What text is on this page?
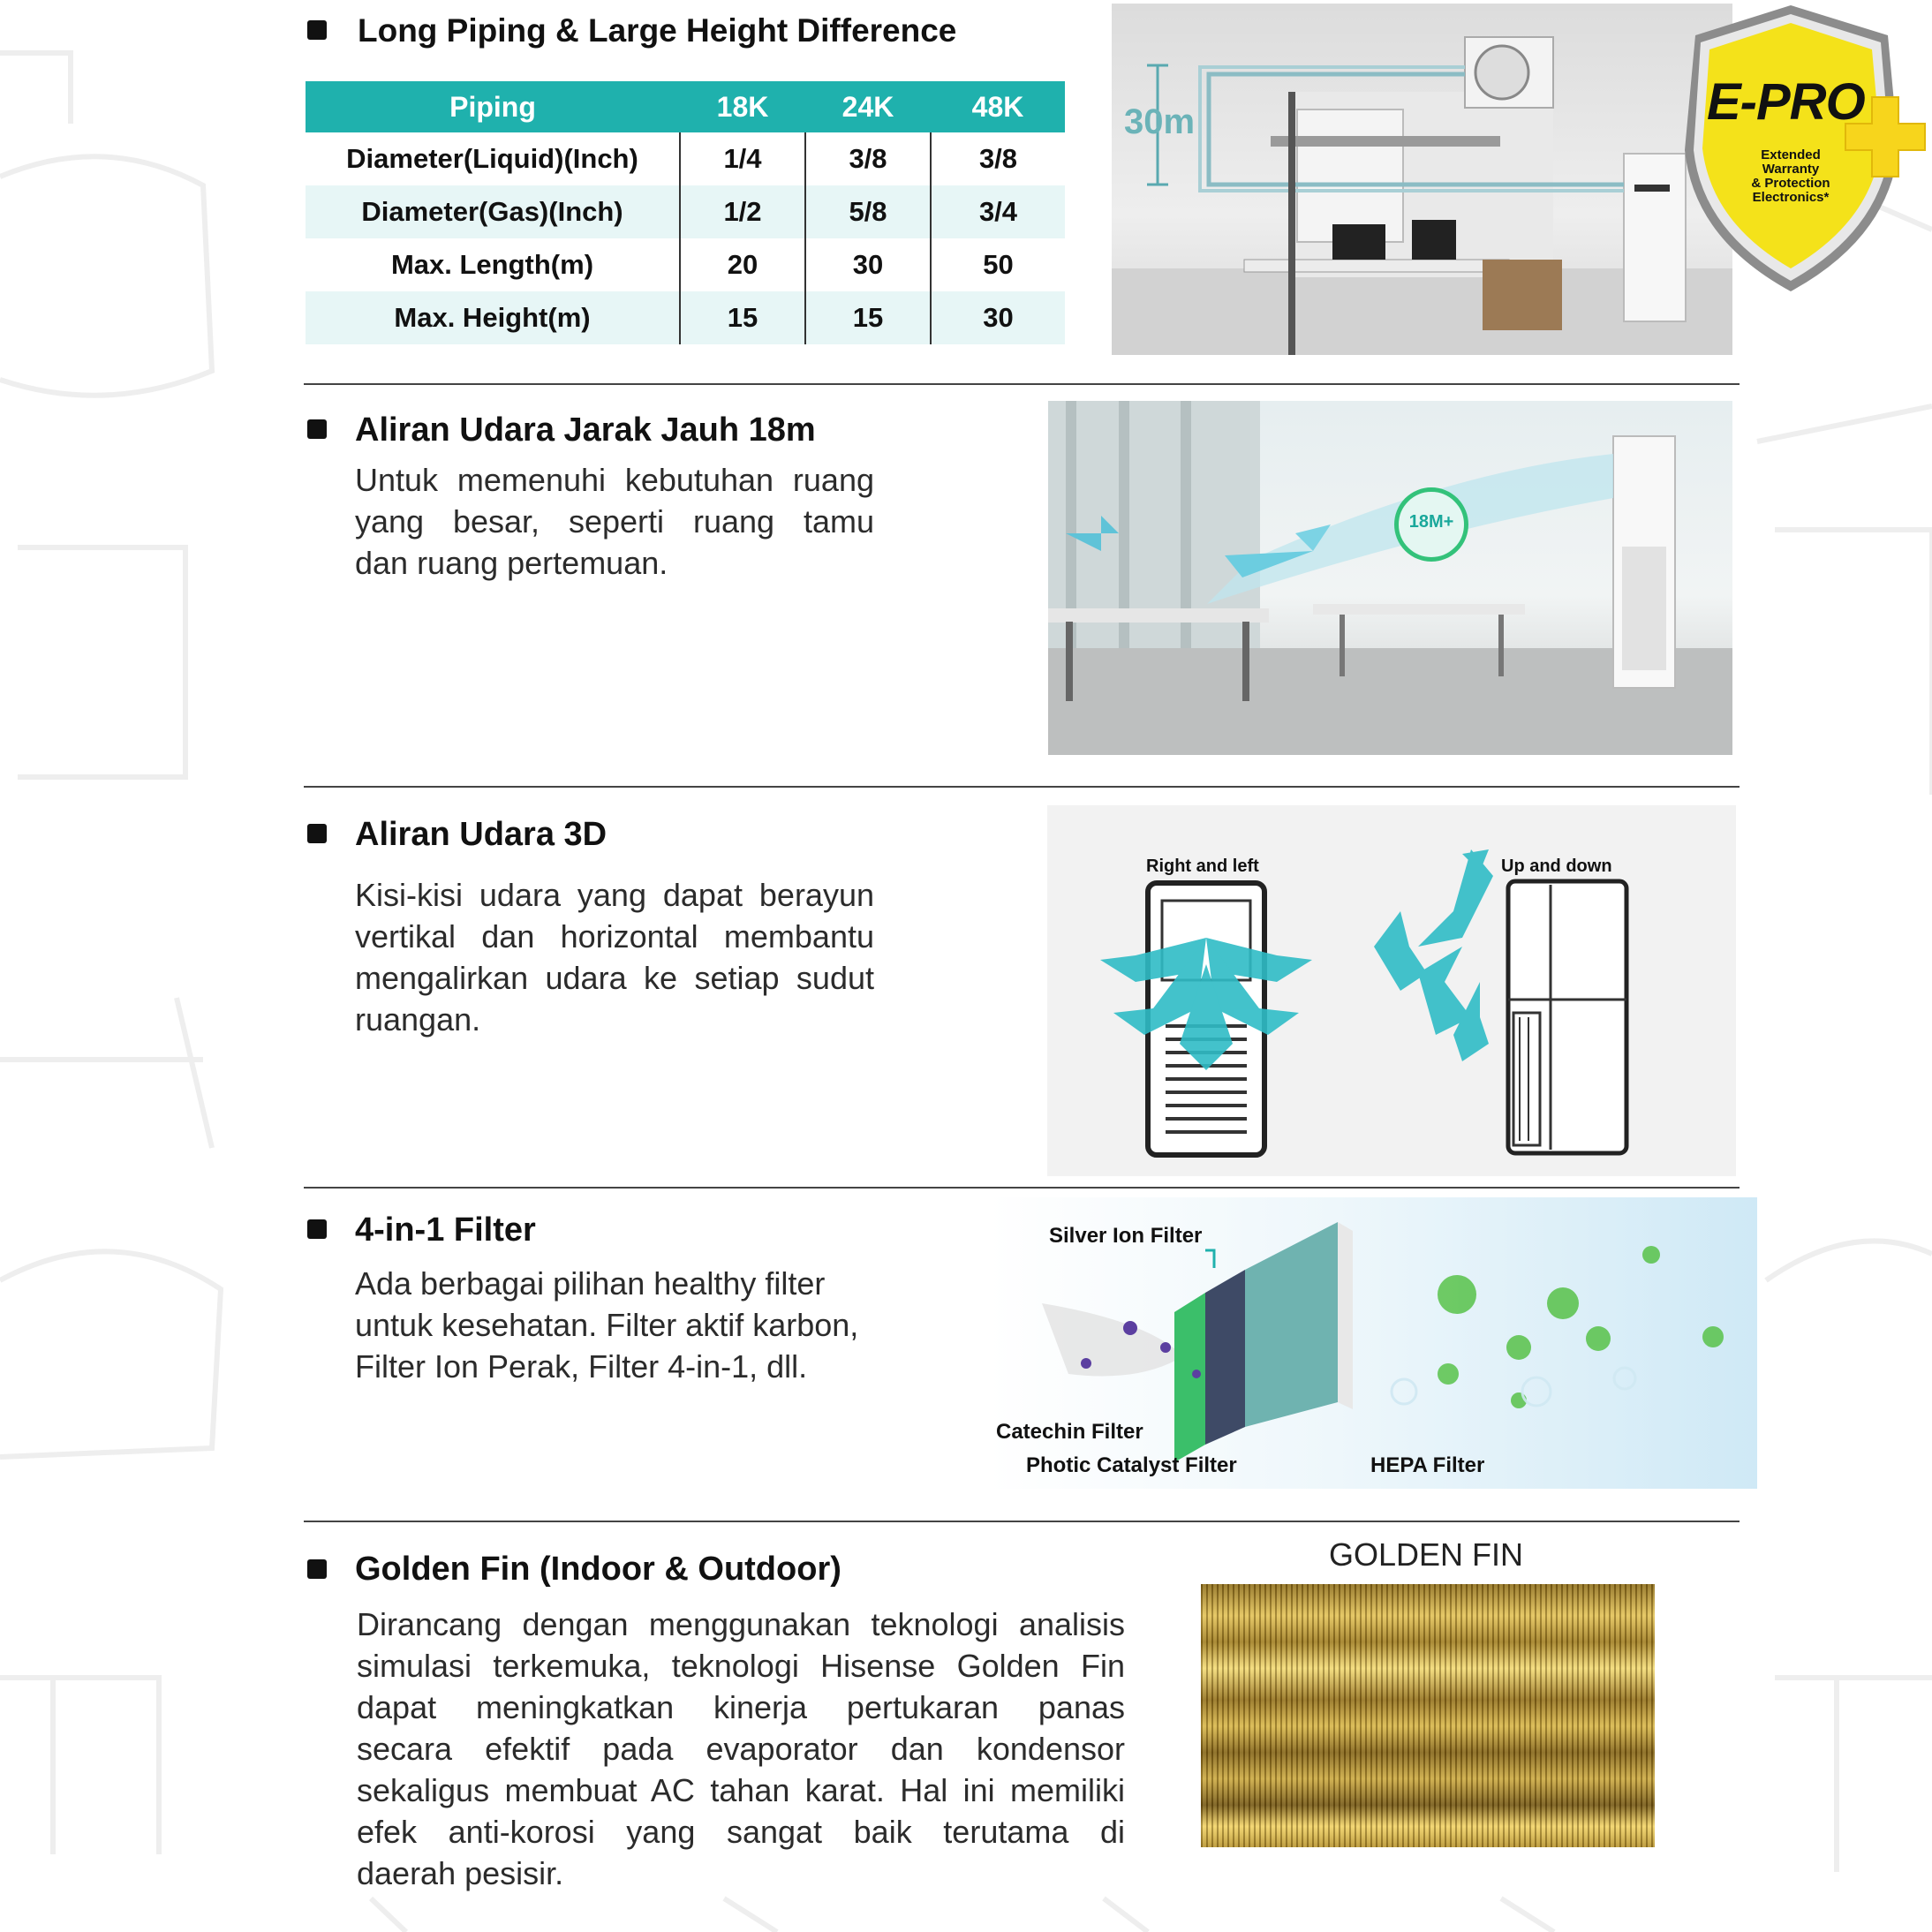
Long Piping & Large Height Difference
Piping	18K	24K	48K
Diameter(Liquid)(Inch)	1/4	3/8	3/8
Diameter(Gas)(Inch)	1/2	5/8	3/4
Max. Length(m)	20	30	50
Max. Height(m)	15	15	30
30m	E-PRO
Extended
Warranty
& Protection
Electronics*
Aliran Udara Jarak Jauh 18m
Untuk memenuhi kebutuhan ruang
yang besar, seperti ruang tamu
dan ruang pertemuan.
18M+
Aliran Udara 3D
Kisi-kisi udara yang dapat berayun
vertikal dan horizontal membantu
mengalirkan udara ke setiap sudut
ruangan.
Right and left	Up and down
4-in-1 Filter
Ada berbagai pilihan healthy filter
untuk kesehatan. Filter aktif karbon,
Filter Ion Perak, Filter 4-in-1, dll.
Silver Ion Filter
Catechin Filter
Photic Catalyst Filter	HEPA Filter
Golden Fin (Indoor & Outdoor)
Dirancang dengan menggunakan teknologi analisis
simulasi terkemuka, teknologi Hisense Golden Fin
dapat meningkatkan kinerja pertukaran panas
secara efektif pada evaporator dan kondensor
sekaligus membuat AC tahan karat. Hal ini memiliki
efek anti-korosi yang sangat baik terutama di
daerah pesisir.
GOLDEN FIN
